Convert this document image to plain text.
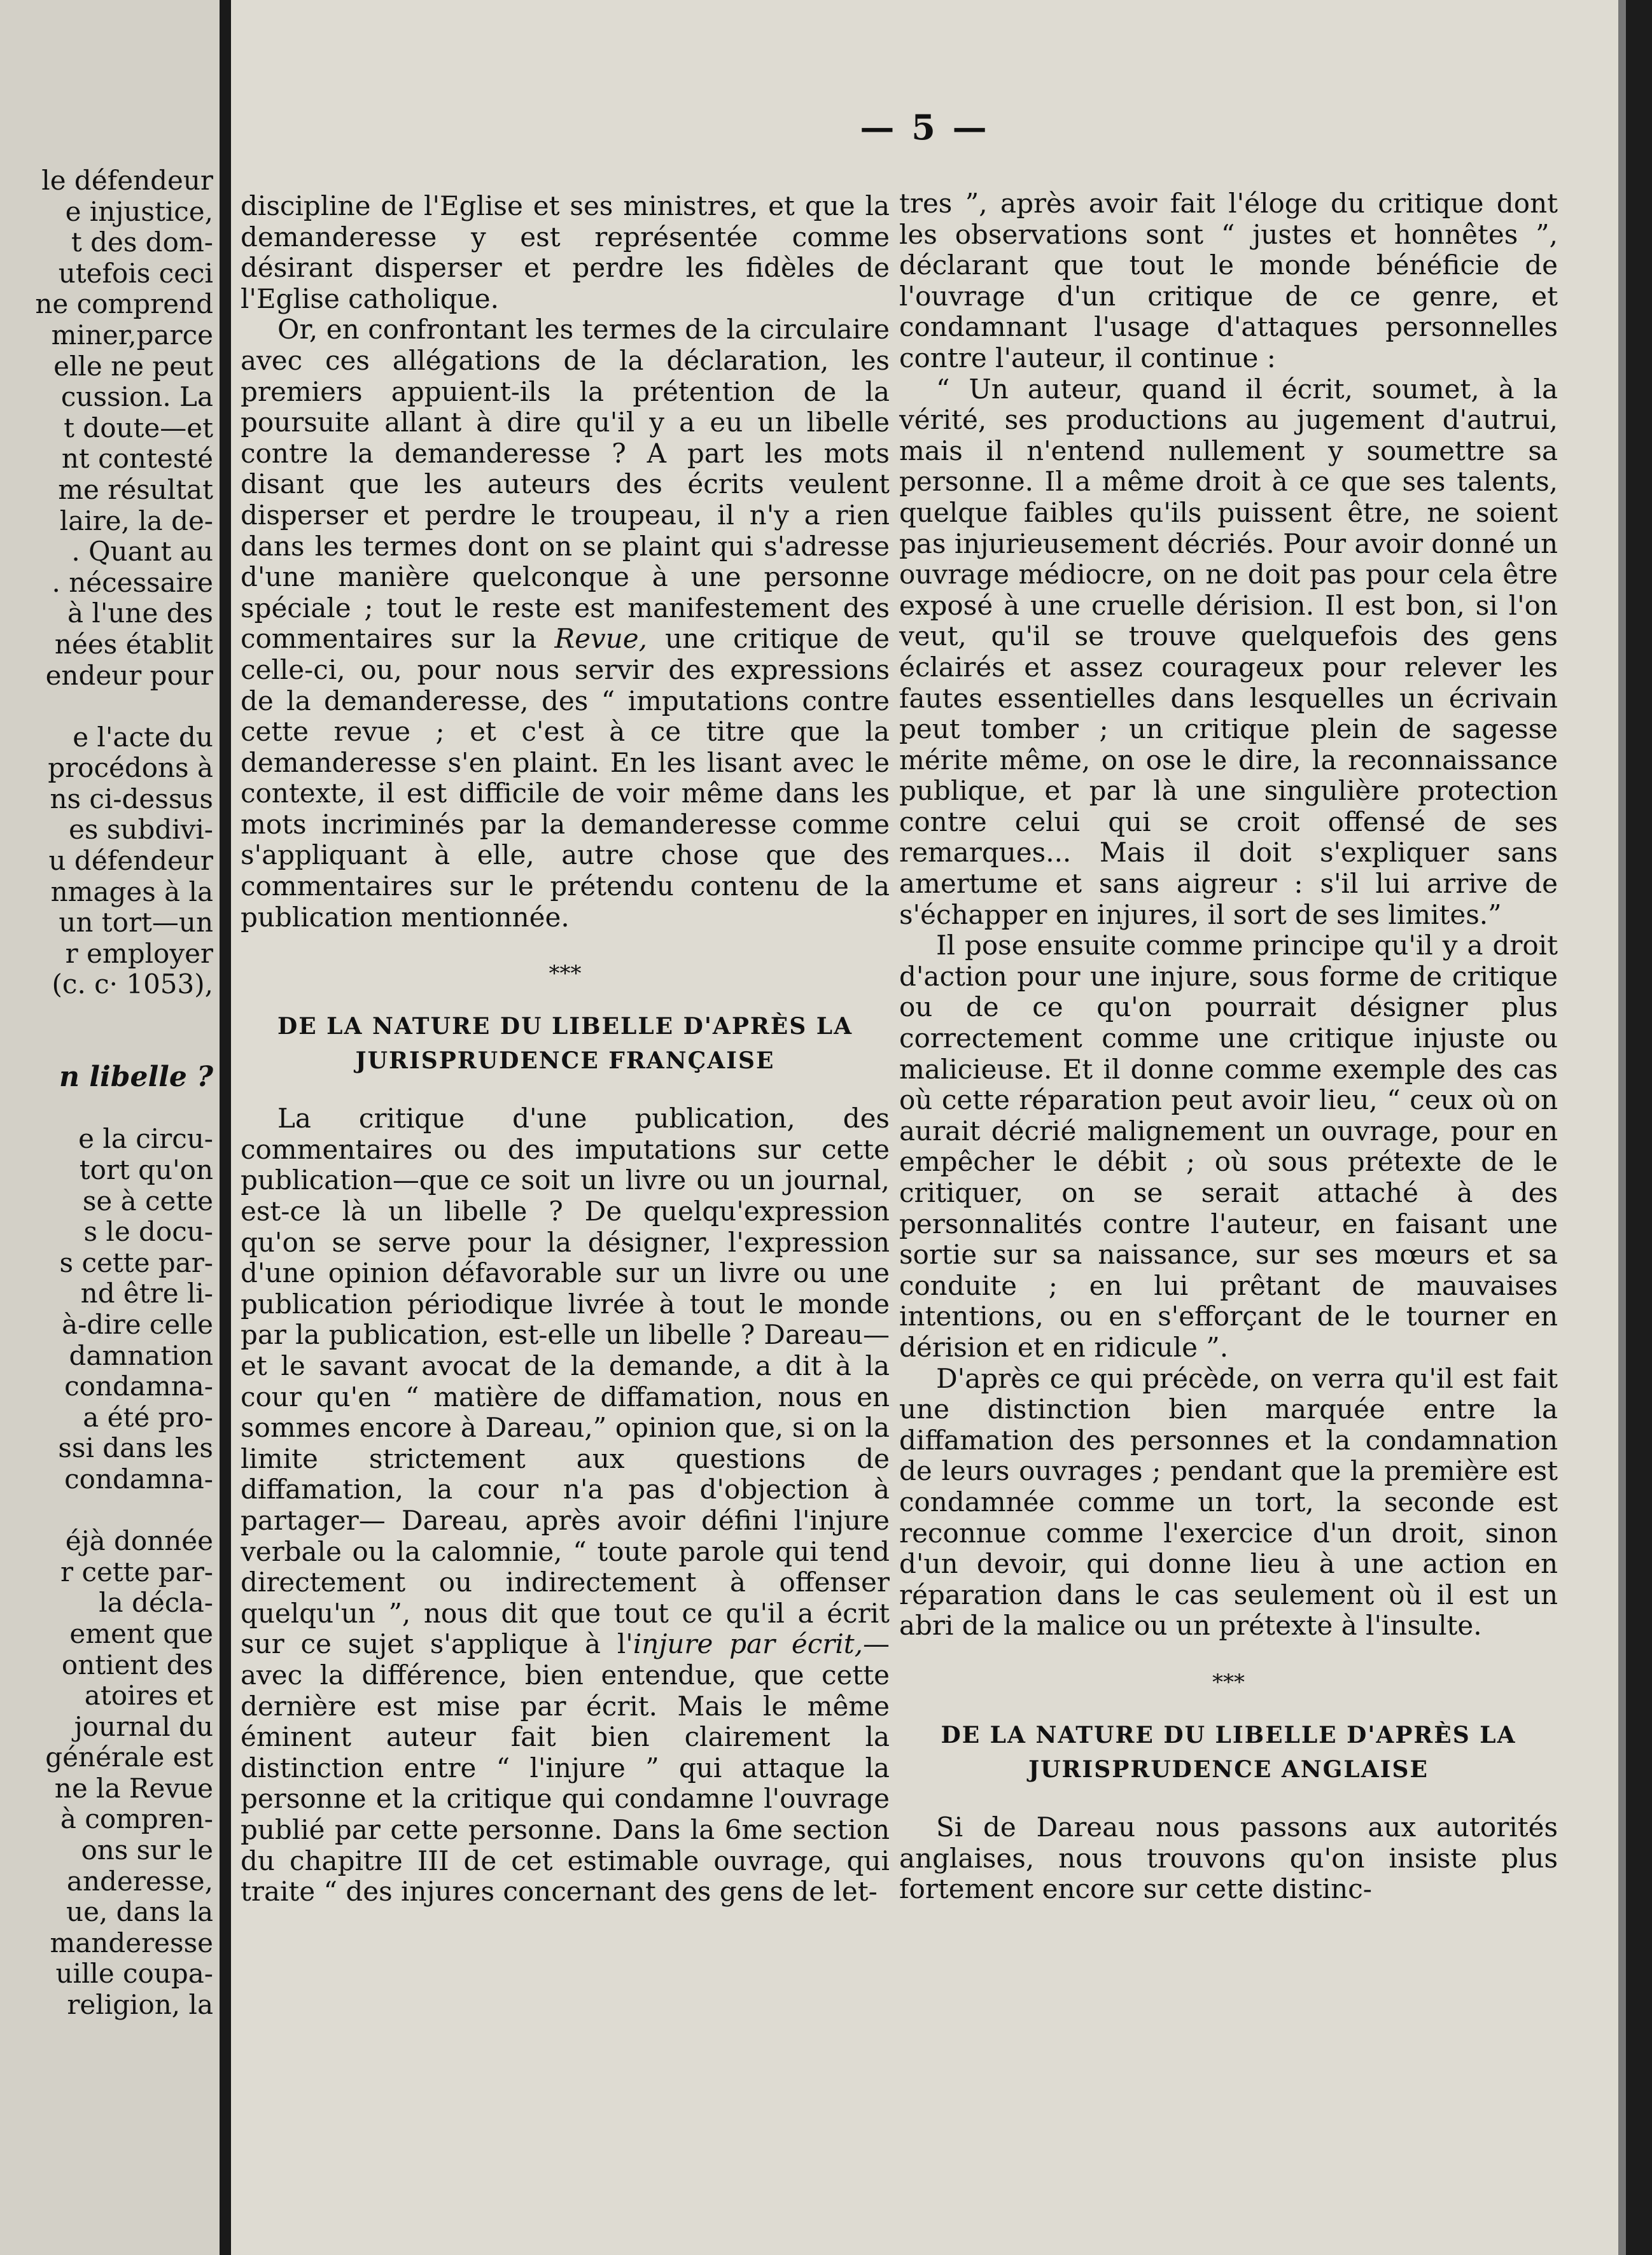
le défendeur
e injustice,
t des dom-
utefois ceci
ne comprend
miner,parce
elle ne peut
cussion. La
t doute—et
nt contesté
me résultat
laire, la de-
. Quant au
. nécessaire
à l'une des
nées établit
endeur pour
e l'acte du
procédons à
ns ci-dessus
es subdivi-
u défendeur
nmages à la
un tort—un
r employer
(c. c· 1053),
n libelle ?
e la circu-
tort qu'on
se à cette
s le docu-
s cette par-
nd être li-
à-dire celle
damnation
condamna-
a été pro-
ssi dans les
condamna-
éjà donnée
r cette par-
la décla-
ement que
ontient des
atoires et
journal du
générale est
ne la Revue
à compren-
ons sur le
anderesse,
ue, dans la
manderesse
uille coupa-
religion, la
— 5 —

discipline de l'Eglise et ses ministres, et que la demanderesse y est représentée comme désirant disperser et perdre les fidèles de l'Eglise catholique.

Or, en confrontant les termes de la circulaire avec ces allégations de la déclaration, les premiers appuient-ils la prétention de la poursuite allant à dire qu'il y a eu un libelle contre la demanderesse ? A part les mots disant que les auteurs des écrits veulent disperser et perdre le troupeau, il n'y a rien dans les termes dont on se plaint qui s'adresse d'une manière quelconque à une personne spéciale ; tout le reste est manifestement des commentaires sur la Revue, une critique de celle-ci, ou, pour nous servir des expressions de la demanderesse, des “ imputations contre cette revue ; et c'est à ce titre que la demanderesse s'en plaint. En les lisant avec le contexte, il est difficile de voir même dans les mots incriminés par la demanderesse comme s'appliquant à elle, autre chose que des commentaires sur le prétendu contenu de la publication mentionnée.

***
DE LA NATURE DU LIBELLE D'APRÈS LA
JURISPRUDENCE FRANÇAISE

La critique d'une publication, des commentaires ou des imputations sur cette publication—que ce soit un livre ou un journal, est-ce là un libelle ? De quelqu'expression qu'on se serve pour la désigner, l'expression d'une opinion défavorable sur un livre ou une publication périodique livrée à tout le monde par la publication, est-elle un libelle ? Dareau—et le savant avocat de la demande, a dit à la cour qu'en “ matière de diffamation, nous en sommes encore à Dareau,” opinion que, si on la limite strictement aux questions de diffamation, la cour n'a pas d'objection à partager— Dareau, après avoir défini l'injure verbale ou la calomnie, “ toute parole qui tend directement ou indirectement à offenser quelqu'un ”, nous dit que tout ce qu'il a écrit sur ce sujet s'applique à l'injure par écrit,—avec la différence, bien entendue, que cette dernière est mise par écrit. Mais le même éminent auteur fait bien clairement la distinction entre “ l'injure ” qui attaque la personne et la critique qui condamne l'ouvrage publié par cette personne. Dans la 6me section du chapitre III de cet estimable ouvrage, qui traite “ des injures concernant des gens de let-

tres ”, après avoir fait l'éloge du critique dont les observations sont “ justes et honnêtes ”, déclarant que tout le monde bénéficie de l'ouvrage d'un critique de ce genre, et condamnant l'usage d'attaques personnelles contre l'auteur, il continue :

“ Un auteur, quand il écrit, soumet, à la vérité, ses productions au jugement d'autrui, mais il n'entend nullement y soumettre sa personne. Il a même droit à ce que ses talents, quelque faibles qu'ils puissent être, ne soient pas injurieusement décriés. Pour avoir donné un ouvrage médiocre, on ne doit pas pour cela être exposé à une cruelle dérision. Il est bon, si l'on veut, qu'il se trouve quelquefois des gens éclairés et assez courageux pour relever les fautes essentielles dans lesquelles un écrivain peut tomber ; un critique plein de sagesse mérite même, on ose le dire, la reconnaissance publique, et par là une singulière protection contre celui qui se croit offensé de ses remarques... Mais il doit s'expliquer sans amertume et sans aigreur : s'il lui arrive de s'échapper en injures, il sort de ses limites.”

Il pose ensuite comme principe qu'il y a droit d'action pour une injure, sous forme de critique ou de ce qu'on pourrait désigner plus correctement comme une critique injuste ou malicieuse. Et il donne comme exemple des cas où cette réparation peut avoir lieu, “ ceux où on aurait décrié malignement un ouvrage, pour en empêcher le débit ; où sous prétexte de le critiquer, on se serait attaché à des personnalités contre l'auteur, en faisant une sortie sur sa naissance, sur ses mœurs et sa conduite ; en lui prêtant de mauvaises intentions, ou en s'efforçant de le tourner en dérision et en ridicule ”.

D'après ce qui précède, on verra qu'il est fait une distinction bien marquée entre la diffamation des personnes et la condamnation de leurs ouvrages ; pendant que la première est condamnée comme un tort, la seconde est reconnue comme l'exercice d'un droit, sinon d'un devoir, qui donne lieu à une action en réparation dans le cas seulement où il est un abri de la malice ou un prétexte à l'insulte.

***
DE LA NATURE DU LIBELLE D'APRÈS LA
JURISPRUDENCE ANGLAISE

Si de Dareau nous passons aux autorités anglaises, nous trouvons qu'on insiste plus fortement encore sur cette distinc-
